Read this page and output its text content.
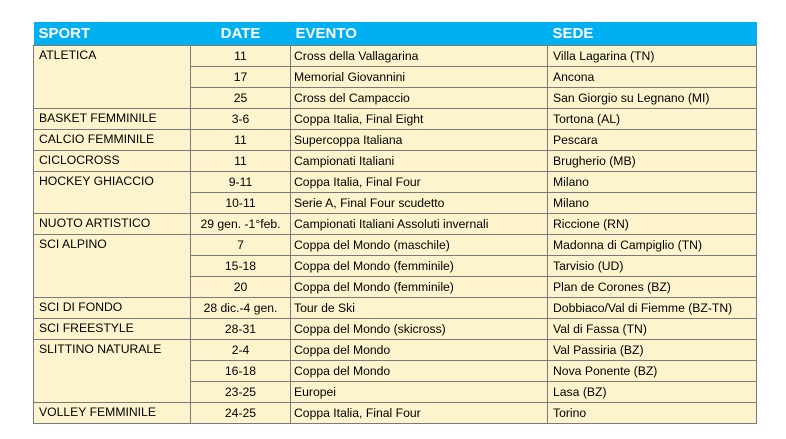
SPORT	DATE	EVENTO	SEDE
ATLETICA	11	Cross della Vallagarina	Villa Lagarina (TN)
	17	Memorial Giovannini	Ancona
	25	Cross del Campaccio	San Giorgio su Legnano (MI)
BASKET FEMMINILE	3-6	Coppa Italia, Final Eight	Tortona (AL)
CALCIO FEMMINILE	11	Supercoppa Italiana	Pescara
CICLOCROSS	11	Campionati Italiani	Brugherio (MB)
HOCKEY GHIACCIO	9-11	Coppa Italia, Final Four	Milano
	10-11	Serie A, Final Four scudetto	Milano
NUOTO ARTISTICO	29 gen. -1°feb.	Campionati Italiani Assoluti invernali	Riccione (RN)
SCI ALPINO	7	Coppa del Mondo (maschile)	Madonna di Campiglio (TN)
	15-18	Coppa del Mondo (femminile)	Tarvisio (UD)
	20	Coppa del Mondo (femminile)	Plan de Corones (BZ)
SCI DI FONDO	28 dic.-4 gen.	Tour de Ski	Dobbiaco/Val di Fiemme (BZ-TN)
SCI FREESTYLE	28-31	Coppa del Mondo (skicross)	Val di Fassa (TN)
SLITTINO NATURALE	2-4	Coppa del Mondo	Val Passiria (BZ)
	16-18	Coppa del Mondo	Nova Ponente (BZ)
	23-25	Europei	Lasa (BZ)
VOLLEY FEMMINILE	24-25	Coppa Italia, Final Four	Torino
